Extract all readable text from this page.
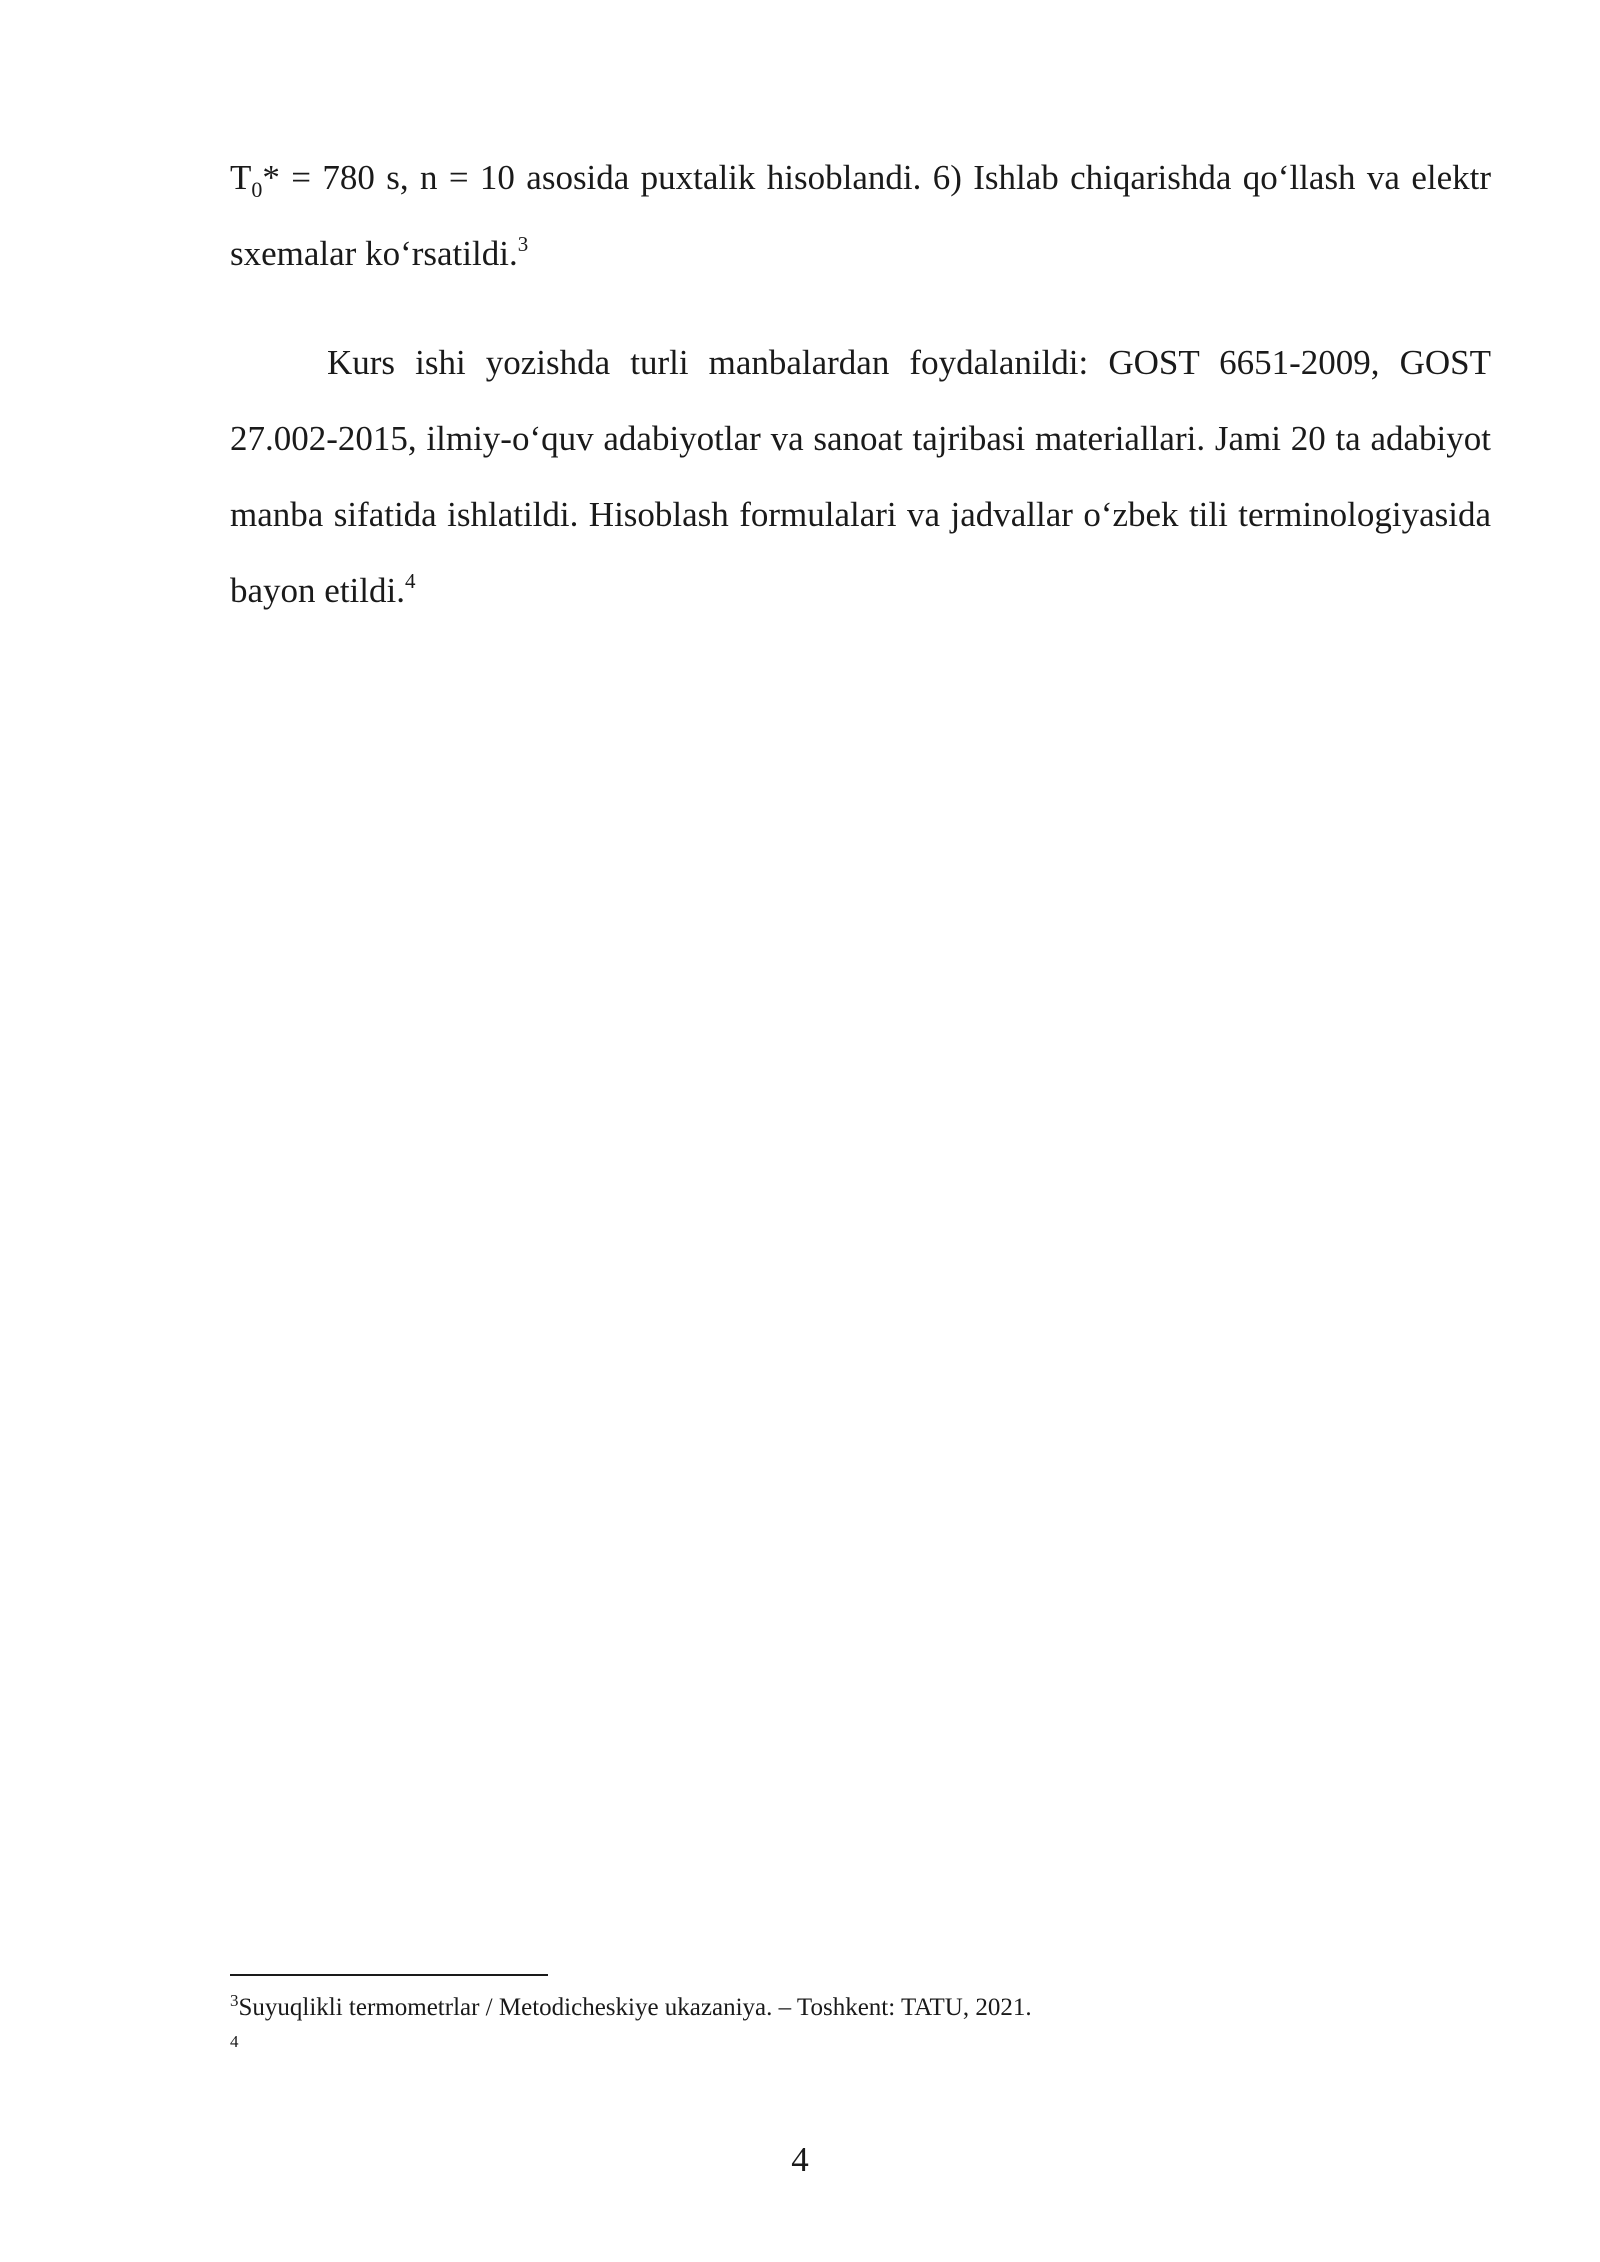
$T_0* = 780$ s, n = 10 asosida puxtalik hisoblandi. 6) Ishlab chiqarishda qo‘llash va elektr sxemalar ko‘rsatildi.$^3$

Kurs ishi yozishda turli manbalardan foydalanildi: GOST 6651-2009, GOST 27.002-2015, ilmiy-o‘quv adabiyotlar va sanoat tajribasi materiallari. Jami 20 ta adabiyot manba sifatida ishlatildi. Hisoblash formulalari va jadvallar o‘zbek tili terminologiyasida bayon etildi.$^4$

$^3$Suyuqlikli termometrlar / Metodicheskiye ukazaniya. – Toshkent: TATU, 2021.

$^4$

4
